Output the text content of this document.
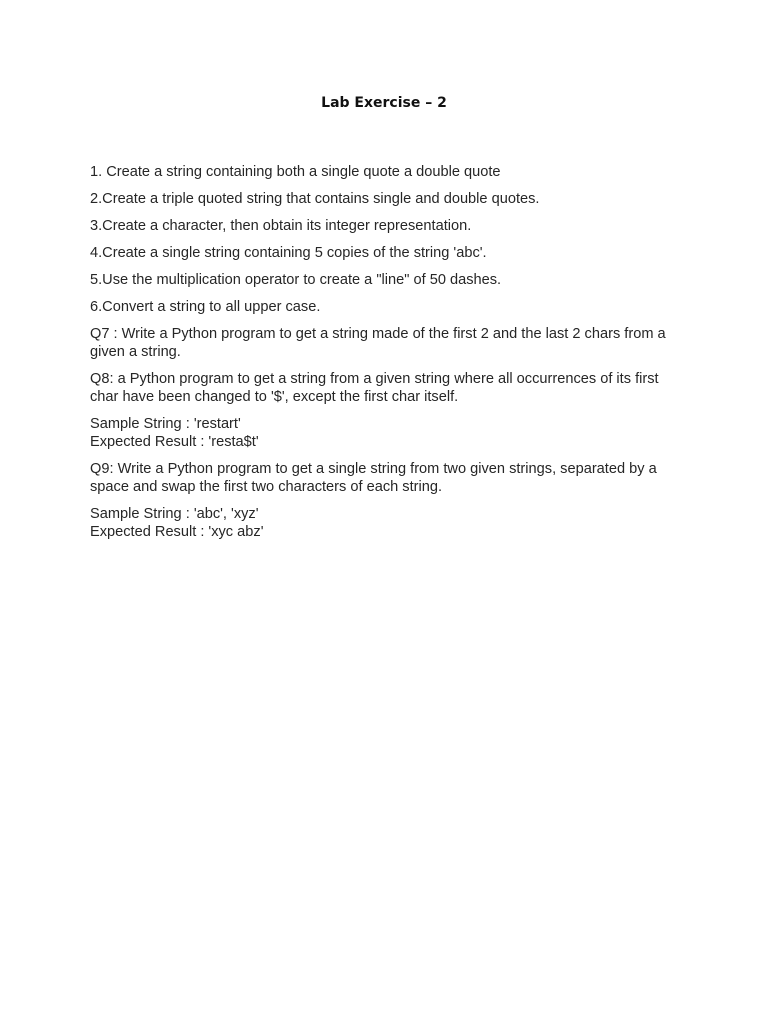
Lab Exercise – 2

1. Create a string containing both a single quote a double quote

2.Create a triple quoted string that contains single and double quotes.

3.Create a character, then obtain its integer representation.

4.Create a single string containing 5 copies of the string 'abc'.

5.Use the multiplication operator to create a "line" of 50 dashes.

6.Convert a string to all upper case.

Q7 : Write a Python program to get a string made of the first 2 and the last 2 chars from a given a string.

Q8: a Python program to get a string from a given string where all occurrences of its first char have been changed to '$', except the first char itself.

Sample String : 'restart'

Expected Result : 'resta$t'

Q9: Write a Python program to get a single string from two given strings, separated by a space and swap the first two characters of each string.

Sample String : 'abc', 'xyz'

Expected Result : 'xyc abz'
